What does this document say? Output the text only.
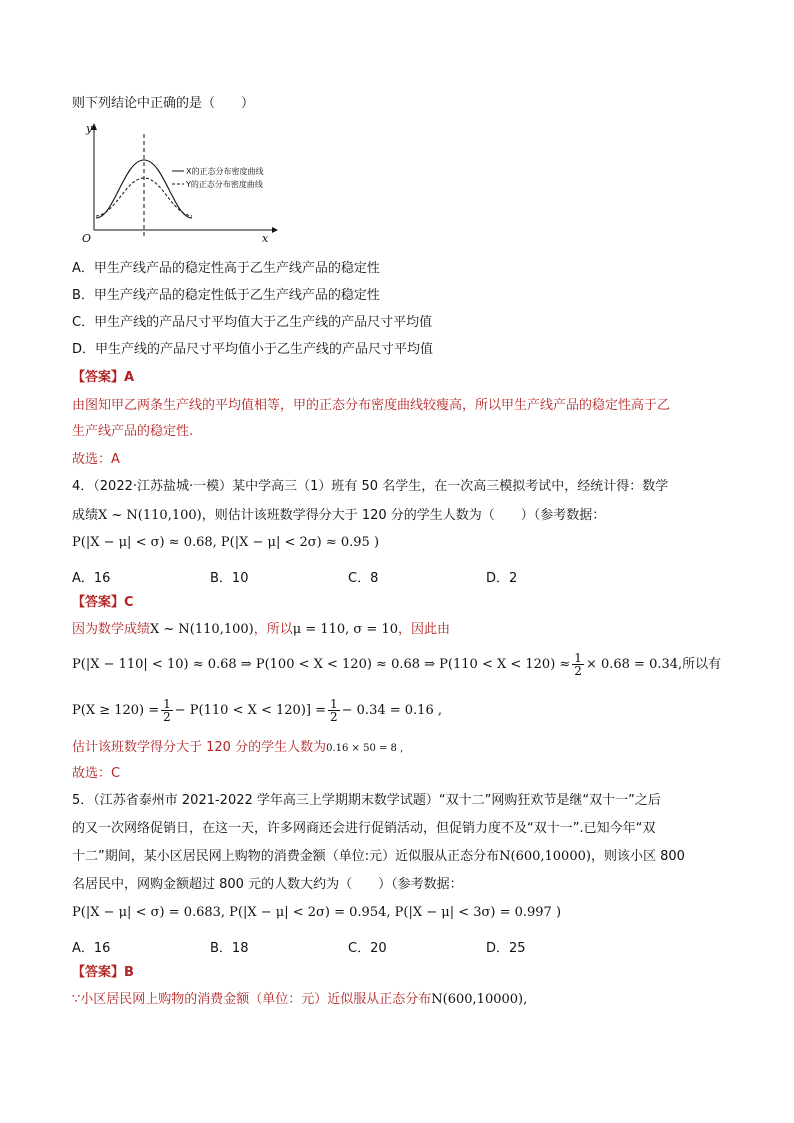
则下列结论中正确的是（　　）
y
x
O
X的正态分布密度曲线
Y的正态分布密度曲线
A．甲生产线产品的稳定性高于乙生产线产品的稳定性
B．甲生产线产品的稳定性低于乙生产线产品的稳定性
C．甲生产线的产品尺寸平均值大于乙生产线的产品尺寸平均值
D．甲生产线的产品尺寸平均值小于乙生产线的产品尺寸平均值
【答案】A
由图知甲乙两条生产线的平均值相等，甲的正态分布密度曲线较瘦高，所以甲生产线产品的稳定性高于乙
生产线产品的稳定性.
故选：A
4．（2022·江苏盐城·一模）某中学高三（1）班有 50 名学生，在一次高三模拟考试中，经统计得：数学
成绩X ~ N(110,100)，则估计该班数学得分大于 120 分的学生人数为（　　）（参考数据：
P(|X − μ| < σ) ≈ 0.68, P(|X − μ| < 2σ) ≈ 0.95 )
A．16	B．10	C．8	D．2
【答案】C
因为数学成绩X ~ N(110,100)，所以μ = 110, σ = 10，因此由
P(|X − 110| < 10) ≈ 0.68 ⇒ P(100 < X < 120) ≈ 0.68 ⇒ $P(110 < X < 120) \approx \frac{1}{2} \times 0.68 = 0.34$,所以有
$P(X \ge 120) = \frac{1}{2} - P(110 < X < 120)] = \frac{1}{2} - 0.34 = 0.16$ ,
估计该班数学得分大于 120 分的学生人数为0.16 × 50 = 8 ,
故选：C
5．（江苏省泰州市 2021-2022 学年高三上学期期末数学试题）“双十二”网购狂欢节是继“双十一”之后
的又一次网络促销日，在这一天，许多网商还会进行促销活动，但促销力度不及“双十一”.已知今年“双
十二”期间，某小区居民网上购物的消费金额（单位:元）近似服从正态分布N(600,10000)，则该小区 800
名居民中，网购金额超过 800 元的人数大约为（　　）（参考数据：
P(|X − μ| < σ) = 0.683, P(|X − μ| < 2σ) = 0.954, P(|X − μ| < 3σ) = 0.997 )
A．16	B．18	C．20	D．25
【答案】B
∵小区居民网上购物的消费金额（单位：元）近似服从正态分布N(600,10000),
